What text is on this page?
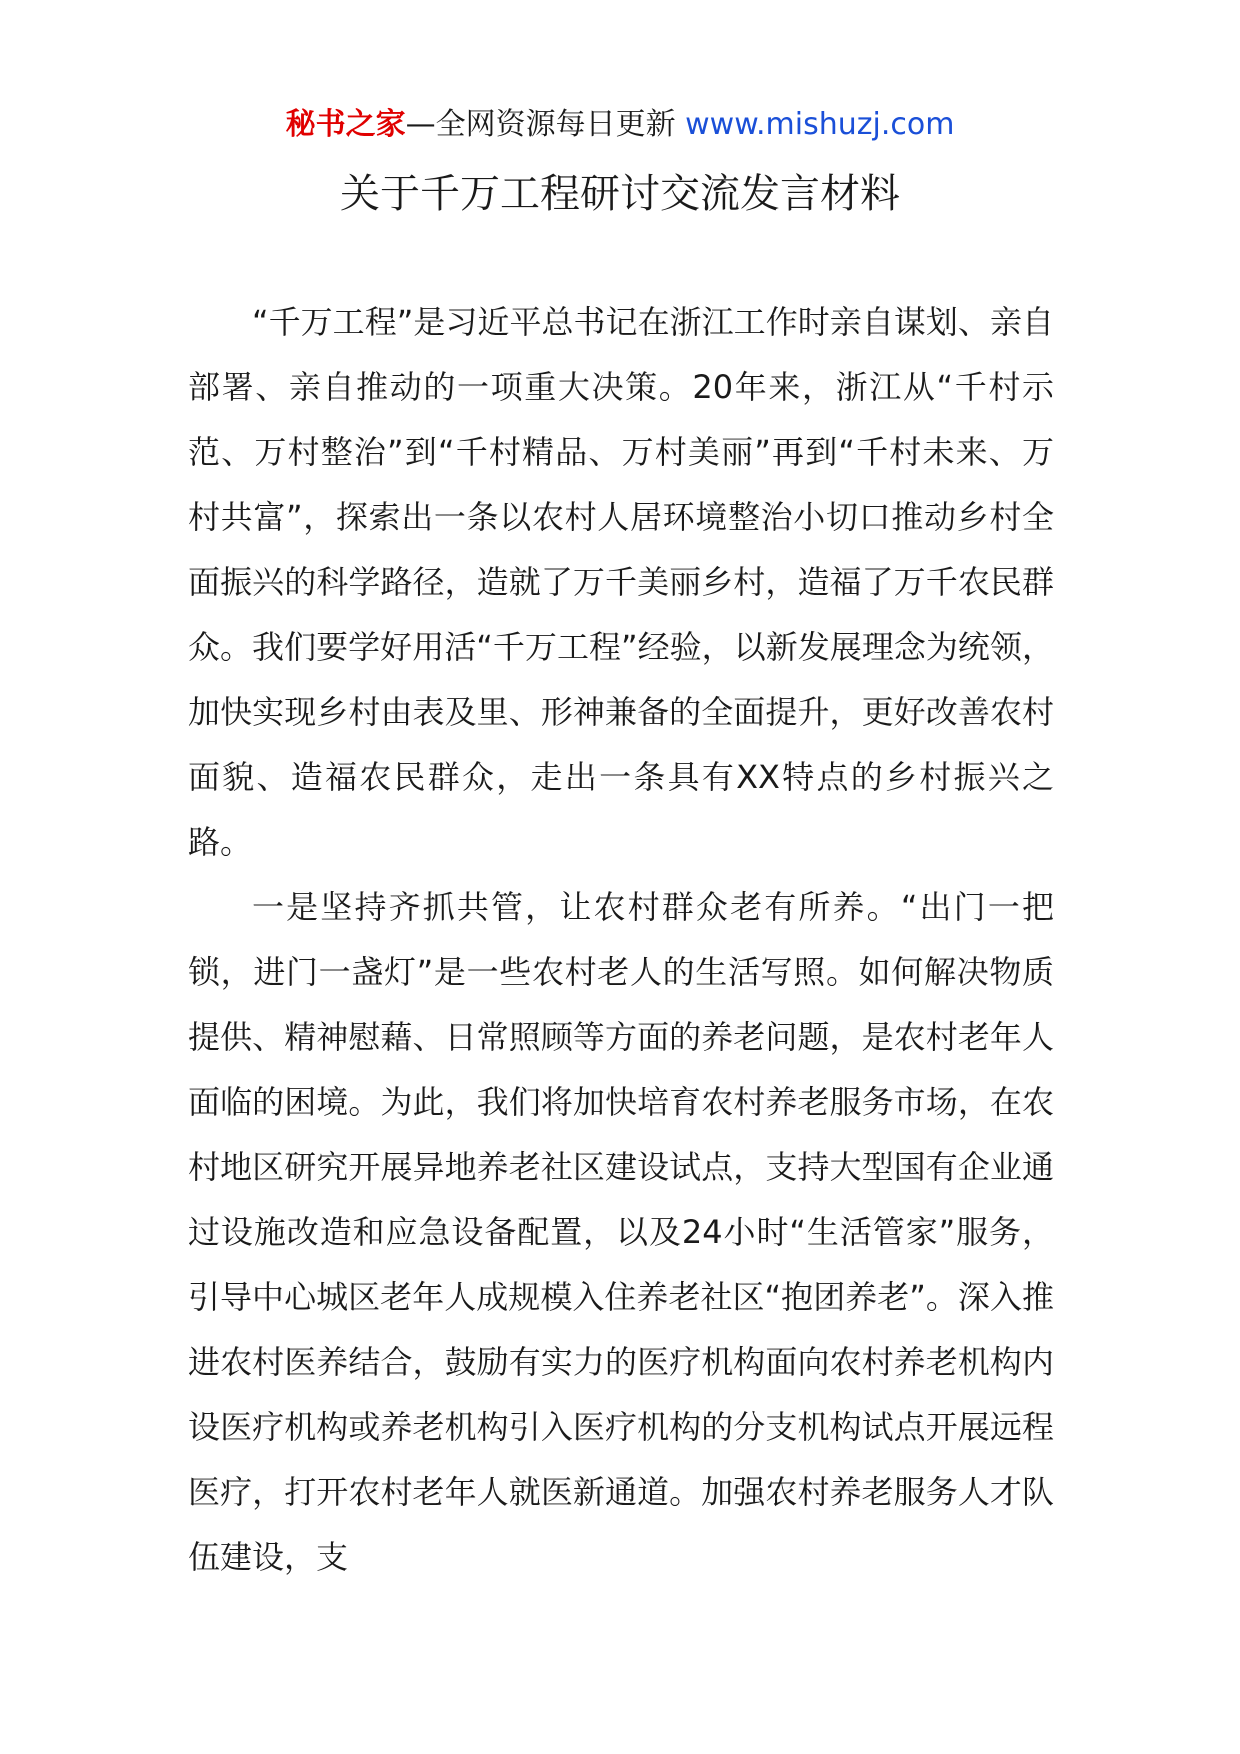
秘书之家—全网资源每日更新 www.mishuzj.com
关于千万工程研讨交流发言材料

“千万工程”是习近平总书记在浙江工作时亲自谋划、亲自部署、亲自推动的一项重大决策。20年来，浙江从“千村示范、万村整治”到“千村精品、万村美丽”再到“千村未来、万村共富”，探索出一条以农村人居环境整治小切口推动乡村全面振兴的科学路径，造就了万千美丽乡村，造福了万千农民群众。我们要学好用活“千万工程”经验，以新发展理念为统领，加快实现乡村由表及里、形神兼备的全面提升，更好改善农村面貌、造福农民群众，走出一条具有XX特点的乡村振兴之路。

一是坚持齐抓共管，让农村群众老有所养。“出门一把锁，进门一盏灯”是一些农村老人的生活写照。如何解决物质提供、精神慰藉、日常照顾等方面的养老问题，是农村老年人面临的困境。为此，我们将加快培育农村养老服务市场，在农村地区研究开展异地养老社区建设试点，支持大型国有企业通过设施改造和应急设备配置，以及24小时“生活管家”服务，引导中心城区老年人成规模入住养老社区“抱团养老”。深入推进农村医养结合，鼓励有实力的医疗机构面向农村养老机构内设医疗机构或养老机构引入医疗机构的分支机构试点开展远程医疗，打开农村老年人就医新通道。加强农村养老服务人才队伍建设，支
